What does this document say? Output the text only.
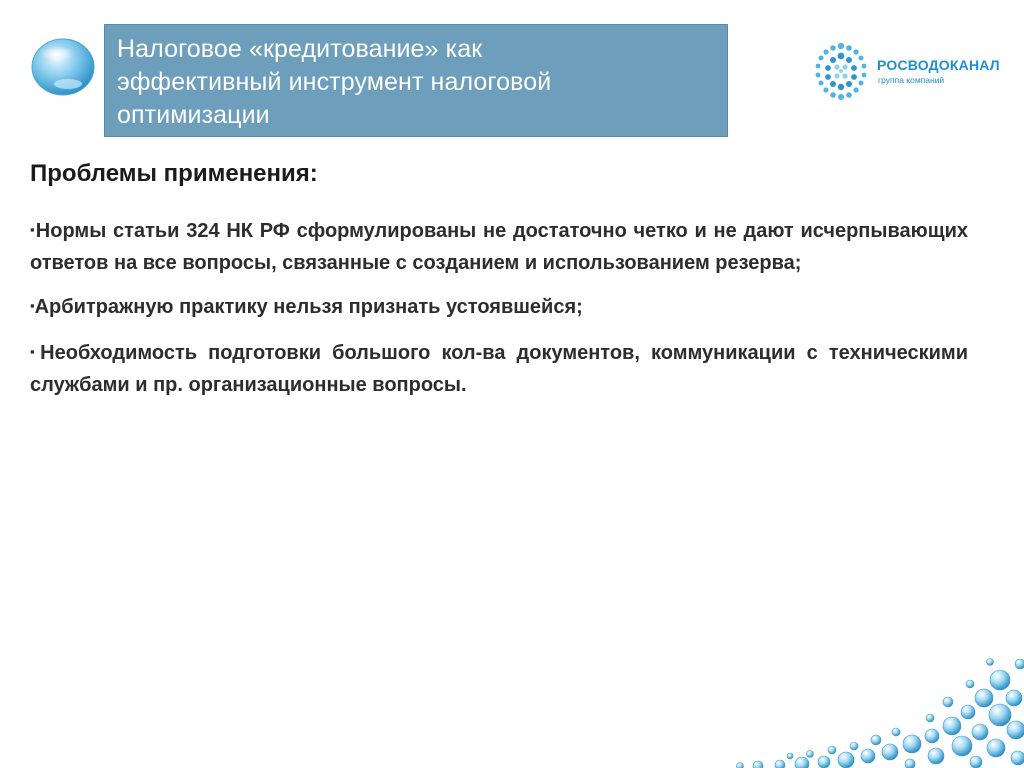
Налоговое «кредитование» как
эффективный инструмент налоговой
оптимизации
РОСВОДОКАНАЛ
группа компаний
Проблемы применения:

▪Нормы статьи 324 НК РФ сформулированы не достаточно четко и не дают исчерпывающих ответов на все вопросы, связанные с созданием и использованием резерва;

▪Арбитражную практику нельзя признать устоявшейся;

▪Необходимость подготовки большого кол-ва документов, коммуникации с техническими службами и пр. организационные вопросы.
